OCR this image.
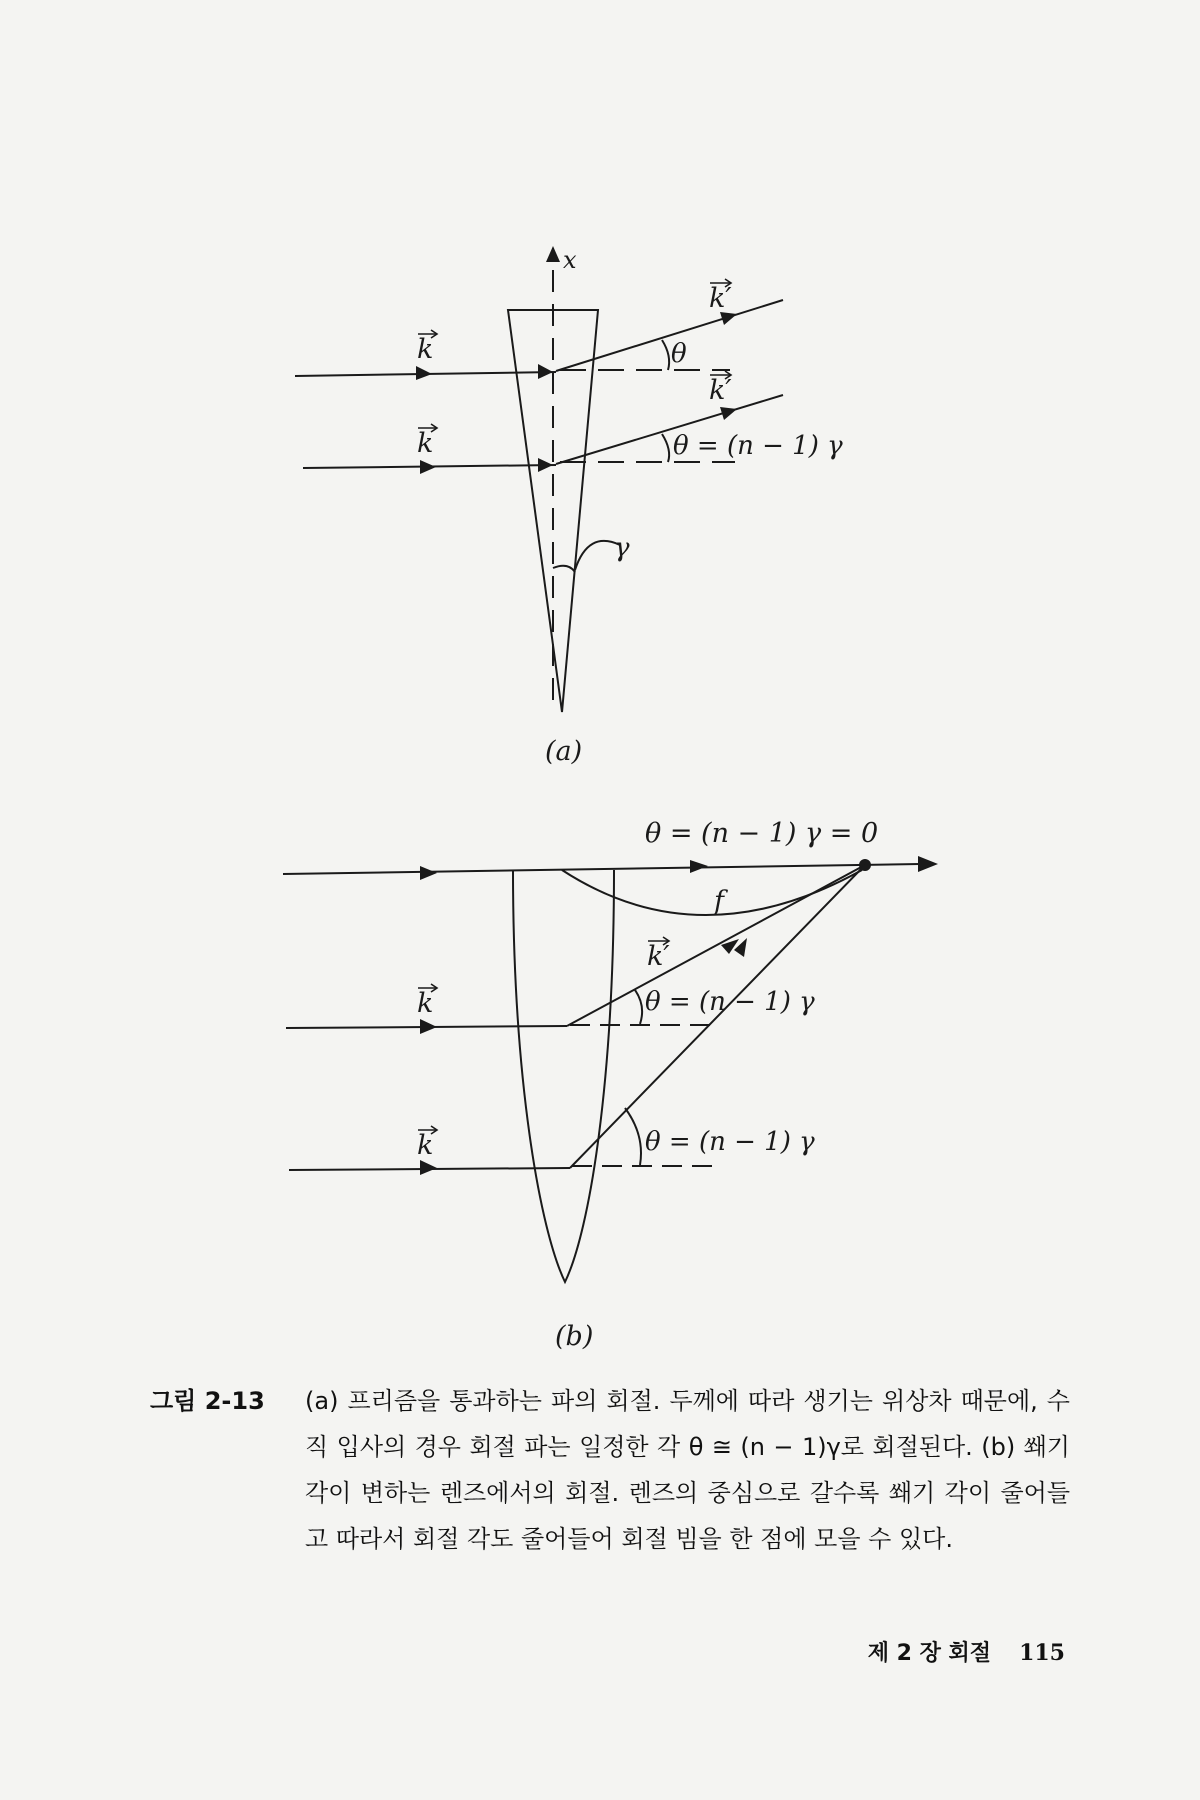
x
k
k
k′
k′
θ
θ = (n − 1) γ
γ
(a)
θ = (n − 1) γ = 0
f
k′
k
k
θ = (n − 1) γ
θ = (n − 1) γ
(b)
그림 2-13	(a) 프리즘을 통과하는 파의 회절. 두께에 따라 생기는 위상차 때문에, 수직 입사의 경우 회절 파는 일정한 각 θ ≅ (n − 1)γ로 회절된다. (b) 쐐기 각이 변하는 렌즈에서의 회절. 렌즈의 중심으로 갈수록 쐐기 각이 줄어들고 따라서 회절 각도 줄어들어 회절 빔을 한 점에 모을 수 있다.
제 2 장 회절 115
